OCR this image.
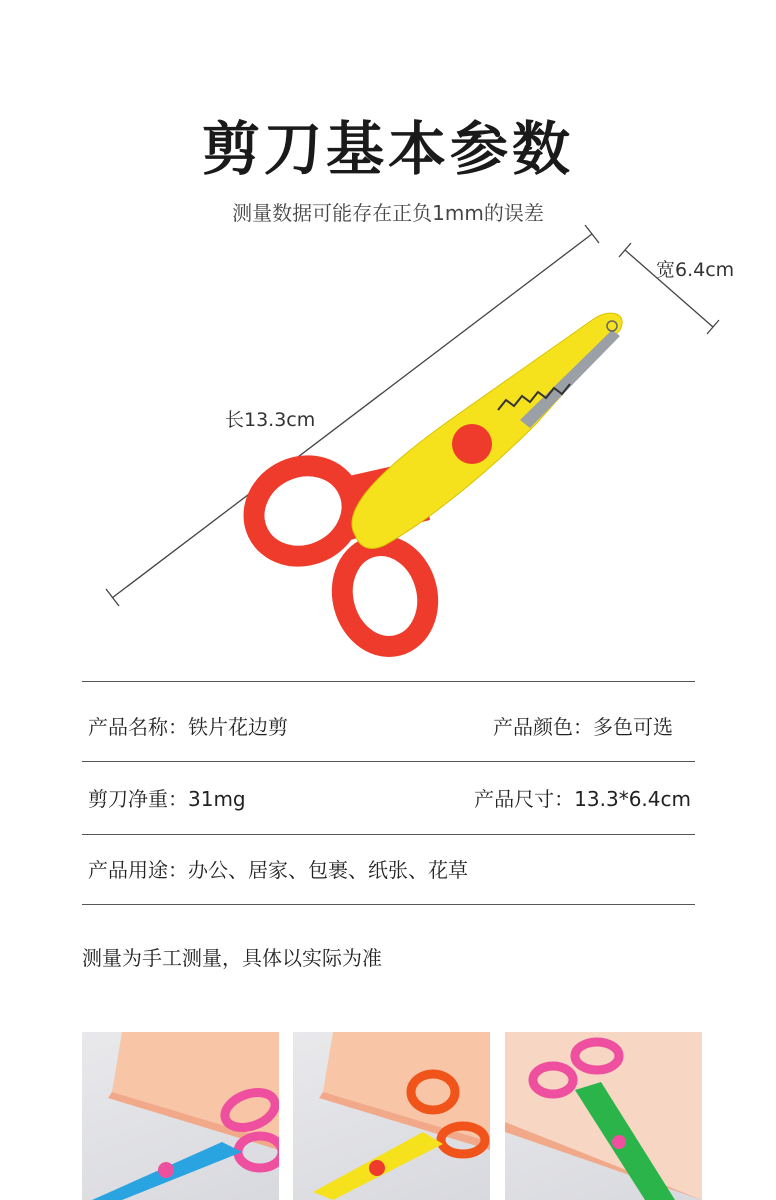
剪刀基本参数
测量数据可能存在正负1mm的误差
长13.3cm
宽6.4cm
产品名称：铁片花边剪	产品颜色：多色可选
剪刀净重：31mg	产品尺寸：13.3*6.4cm
产品用途：办公、居家、包裹、纸张、花草
测量为手工测量，具体以实际为准
